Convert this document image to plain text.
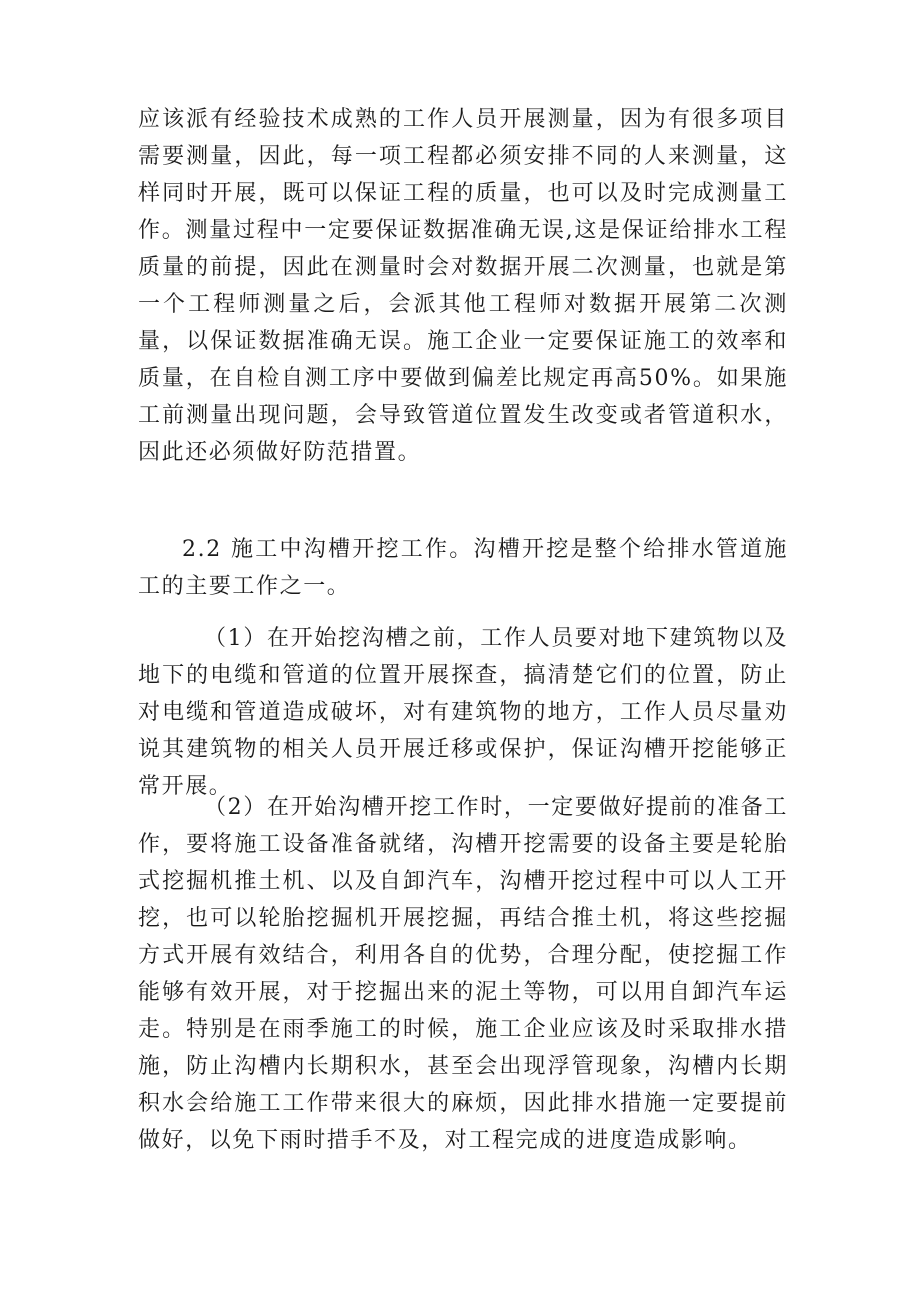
应该派有经验技术成熟的工作人员开展测量，因为有很多项目需要测量，因此，每一项工程都必须安排不同的人来测量，这样同时开展，既可以保证工程的质量，也可以及时完成测量工作。测量过程中一定要保证数据准确无误,这是保证给排水工程质量的前提，因此在测量时会对数据开展二次测量，也就是第一个工程师测量之后，会派其他工程师对数据开展第二次测量，以保证数据准确无误。施工企业一定要保证施工的效率和质量，在自检自测工序中要做到偏差比规定再高50%。如果施工前测量出现问题，会导致管道位置发生改变或者管道积水，因此还必须做好防范措置。

2.2 施工中沟槽开挖工作。沟槽开挖是整个给排水管道施工的主要工作之一。

（1）在开始挖沟槽之前，工作人员要对地下建筑物以及地下的电缆和管道的位置开展探查，搞清楚它们的位置，防止对电缆和管道造成破坏，对有建筑物的地方，工作人员尽量劝说其建筑物的相关人员开展迁移或保护，保证沟槽开挖能够正常开展。

（2）在开始沟槽开挖工作时，一定要做好提前的准备工作，要将施工设备准备就绪，沟槽开挖需要的设备主要是轮胎式挖掘机推土机、以及自卸汽车，沟槽开挖过程中可以人工开挖，也可以轮胎挖掘机开展挖掘，再结合推土机，将这些挖掘方式开展有效结合，利用各自的优势，合理分配，使挖掘工作能够有效开展，对于挖掘出来的泥土等物，可以用自卸汽车运走。特别是在雨季施工的时候，施工企业应该及时采取排水措施，防止沟槽内长期积水，甚至会出现浮管现象，沟槽内长期积水会给施工工作带来很大的麻烦，因此排水措施一定要提前做好，以免下雨时措手不及，对工程完成的进度造成影响。
